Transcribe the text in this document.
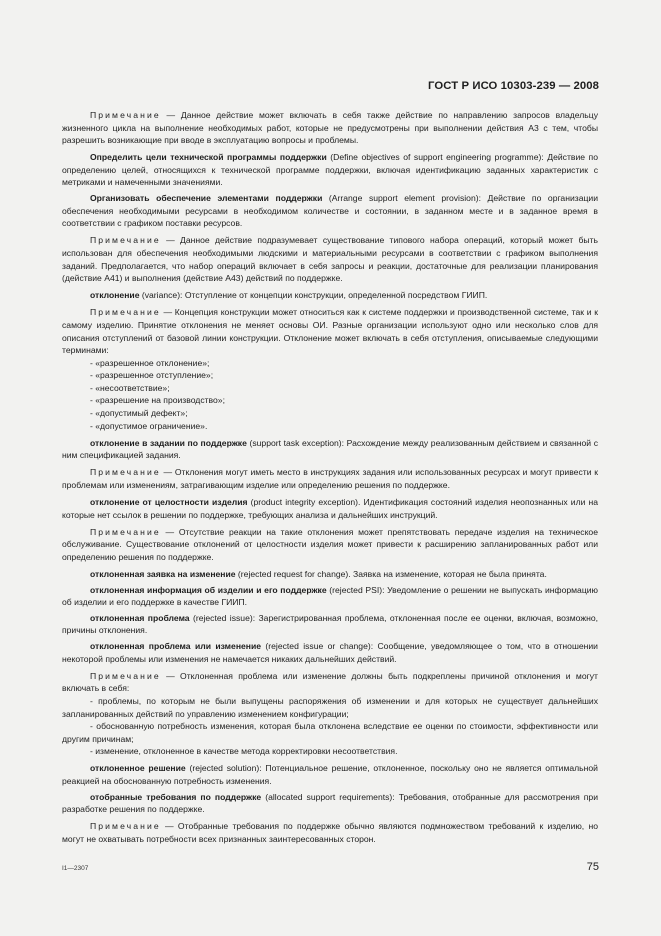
ГОСТ Р ИСО 10303-239 — 2008

Примечание — Данное действие может включать в себя также действие по направлению запросов владельцу жизненного цикла на выполнение необходимых работ, которые не предусмотрены при выполнении действия А3 с тем, чтобы разрешить возникающие при вводе в эксплуатацию вопросы и проблемы.

Определить цели технической программы поддержки (Define objectives of support engineering programme): Действие по определению целей, относящихся к технической программе поддержки, включая идентификацию заданных характеристик с метриками и намеченными значениями.

Организовать обеспечение элементами поддержки (Arrange support element provision): Действие по организации обеспечения необходимыми ресурсами в необходимом количестве и состоянии, в заданном месте и в заданное время в соответствии с графиком поставки ресурсов.

Примечание — Данное действие подразумевает существование типового набора операций, который может быть использован для обеспечения необходимыми людскими и материальными ресурсами в соответствии с графиком выполнения заданий. Предполагается, что набор операций включает в себя запросы и реакции, достаточные для реализации планирования (действие А41) и выполнения (действие А43) действий по поддержке.

отклонение (variance): Отступление от концепции конструкции, определенной посредством ГИИП.

Примечание — Концепция конструкции может относиться как к системе поддержки и производственной системе, так и к самому изделию. Принятие отклонения не меняет основы ОИ. Разные организации используют одно или несколько слов для описания отступлений от базовой линии конструкции. Отклонение может включать в себя отступления, описываемые следующими терминами:

- «разрешенное отклонение»;

- «разрешенное отступление»;

- «несоответствие»;

- «разрешение на производство»;

- «допустимый дефект»;

- «допустимое ограничение».

отклонение в задании по поддержке (support task exception): Расхождение между реализованным действием и связанной с ним спецификацией задания.

Примечание — Отклонения могут иметь место в инструкциях задания или использованных ресурсах и могут привести к проблемам или изменениям, затрагивающим изделие или определению решения по поддержке.

отклонение от целостности изделия (product integrity exception). Идентификация состояний изделия неопознанных или на которые нет ссылок в решении по поддержке, требующих анализа и дальнейших инструкций.

Примечание — Отсутствие реакции на такие отклонения может препятствовать передаче изделия на техническое обслуживание. Существование отклонений от целостности изделия может привести к расширению запланированных работ или определению решения по поддержке.

отклоненная заявка на изменение (rejected request for change). Заявка на изменение, которая не была принята.

отклоненная информация об изделии и его поддержке (rejected PSI): Уведомление о решении не выпускать информацию об изделии и его поддержке в качестве ГИИП.

отклоненная проблема (rejected issue): Зарегистрированная проблема, отклоненная после ее оценки, включая, возможно, причины отклонения.

отклоненная проблема или изменение (rejected issue or change): Сообщение, уведомляющее о том, что в отношении некоторой проблемы или изменения не намечается никаких дальнейших действий.

Примечание — Отклоненная проблема или изменение должны быть подкреплены причиной отклонения и могут включать в себя:

- проблемы, по которым не были выпущены распоряжения об изменении и для которых не существует дальнейших запланированных действий по управлению изменением конфигурации;

- обоснованную потребность изменения, которая была отклонена вследствие ее оценки по стоимости, эффективности или другим причинам;

- изменение, отклоненное в качестве метода корректировки несоответствия.

отклоненное решение (rejected solution): Потенциальное решение, отклоненное, поскольку оно не является оптимальной реакцией на обоснованную потребность изменения.

отобранные требования по поддержке (allocated support requirements): Требования, отобранные для рассмотрения при разработке решения по поддержке.

Примечание — Отобранные требования по поддержке обычно являются подмножеством требований к изделию, но могут не охватывать потребности всех признанных заинтересованных сторон.

I1—2307	75
